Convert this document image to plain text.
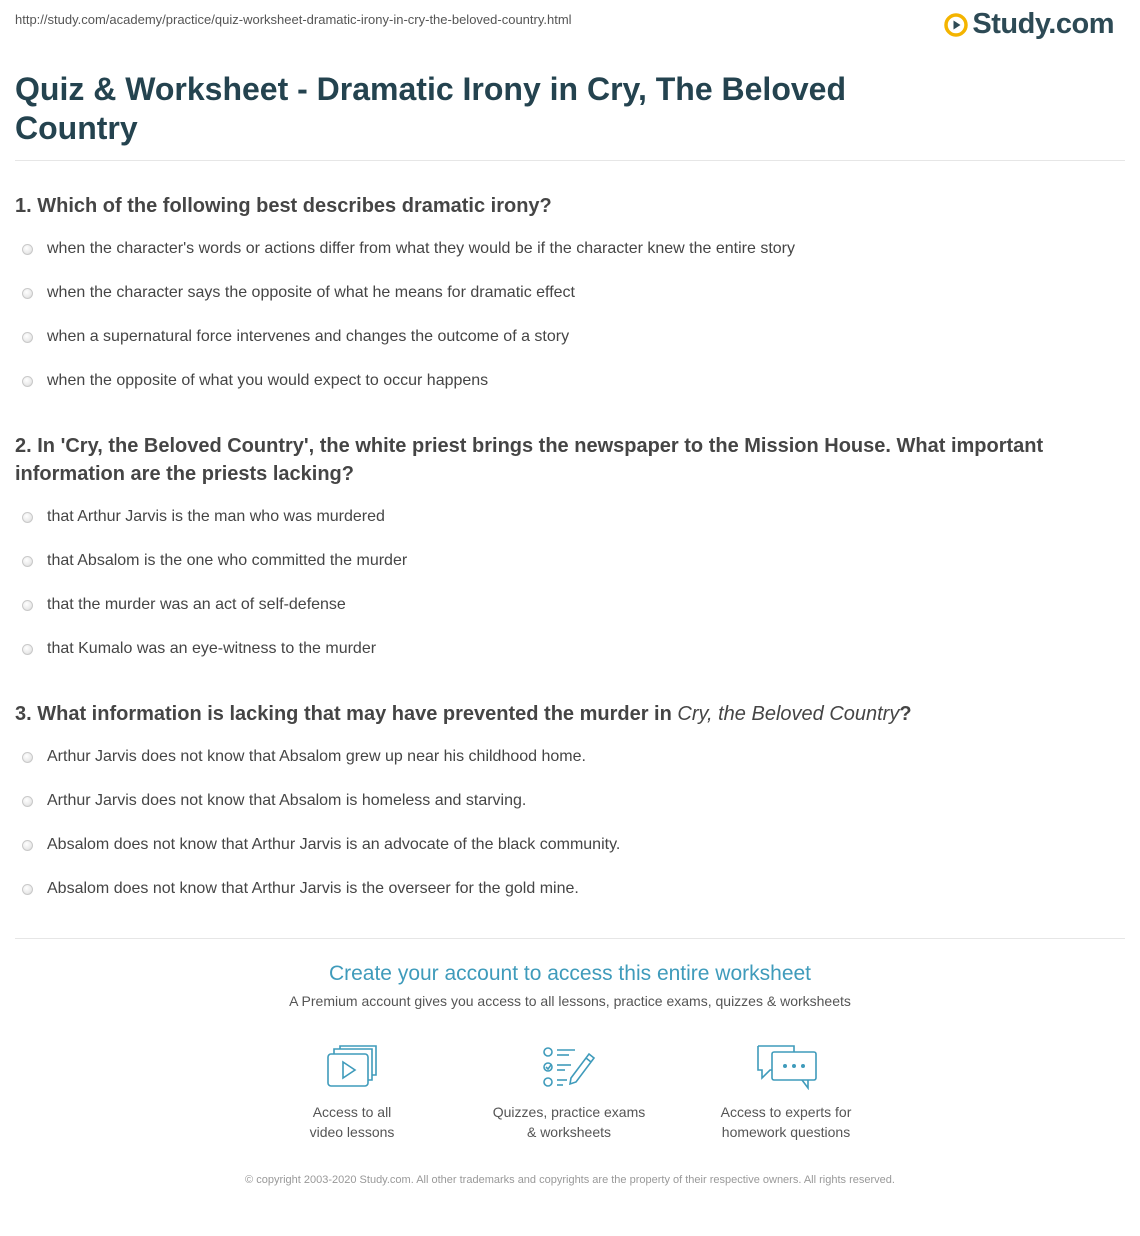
http://study.com/academy/practice/quiz-worksheet-dramatic-irony-in-cry-the-beloved-country.html	Study.com
Quiz & Worksheet - Dramatic Irony in Cry, The Beloved Country
1. Which of the following best describes dramatic irony?
when the character's words or actions differ from what they would be if the character knew the entire story
when the character says the opposite of what he means for dramatic effect
when a supernatural force intervenes and changes the outcome of a story
when the opposite of what you would expect to occur happens
2. In 'Cry, the Beloved Country', the white priest brings the newspaper to the Mission House. What important information are the priests lacking?
that Arthur Jarvis is the man who was murdered
that Absalom is the one who committed the murder
that the murder was an act of self-defense
that Kumalo was an eye-witness to the murder
3. What information is lacking that may have prevented the murder in Cry, the Beloved Country?
Arthur Jarvis does not know that Absalom grew up near his childhood home.
Arthur Jarvis does not know that Absalom is homeless and starving.
Absalom does not know that Arthur Jarvis is an advocate of the black community.
Absalom does not know that Arthur Jarvis is the overseer for the gold mine.
Create your account to access this entire worksheet
A Premium account gives you access to all lessons, practice exams, quizzes & worksheets
Access to all
video lessons
Quizzes, practice exams
& worksheets
Access to experts for
homework questions
© copyright 2003-2020 Study.com. All other trademarks and copyrights are the property of their respective owners. All rights reserved.
